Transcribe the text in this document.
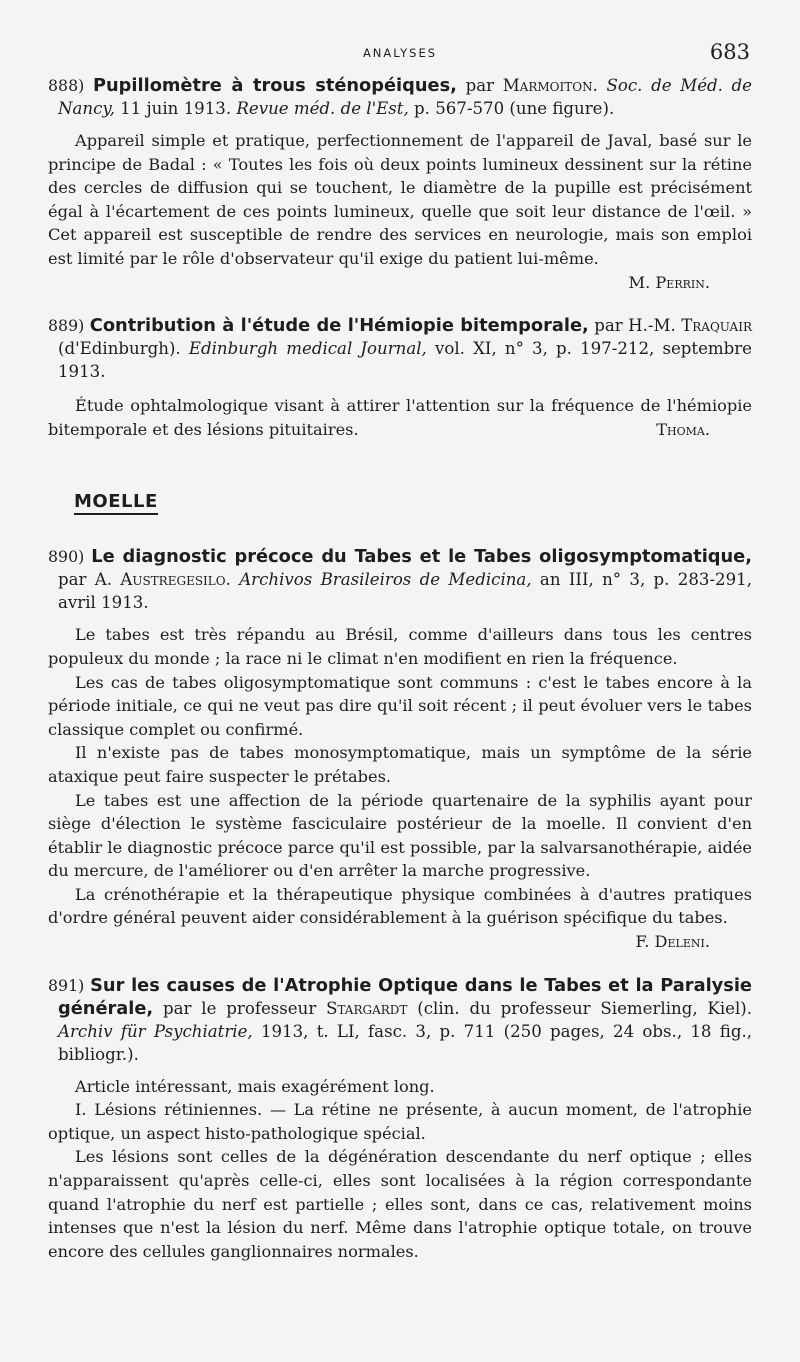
ANALYSES	683
888) Pupillomètre à trous sténopéiques, par Marmoiton. Soc. de Méd. de Nancy, 11 juin 1913. Revue méd. de l'Est, p. 567-570 (une figure).

Appareil simple et pratique, perfectionnement de l'appareil de Javal, basé sur le principe de Badal : « Toutes les fois où deux points lumineux dessinent sur la rétine des cercles de diffusion qui se touchent, le diamètre de la pupille est précisément égal à l'écartement de ces points lumineux, quelle que soit leur distance de l'œil. » Cet appareil est susceptible de rendre des services en neurologie, mais son emploi est limité par le rôle d'observateur qu'il exige du patient lui-même.
M. Perrin.

889) Contribution à l'étude de l'Hémiopie bitemporale, par H.-M. Traquair (d'Edinburgh). Edinburgh medical Journal, vol. XI, n° 3, p. 197-212, septembre 1913.

Étude ophtalmologique visant à attirer l'attention sur la fréquence de l'hémiopie bitemporale et des lésions pituitaires.	Thoma.

MOELLE
890) Le diagnostic précoce du Tabes et le Tabes oligosymptomatique, par A. Austregesilo. Archivos Brasileiros de Medicina, an III, n° 3, p. 283-291, avril 1913.

Le tabes est très répandu au Brésil, comme d'ailleurs dans tous les centres populeux du monde ; la race ni le climat n'en modifient en rien la fréquence.

Les cas de tabes oligosymptomatique sont communs : c'est le tabes encore à la période initiale, ce qui ne veut pas dire qu'il soit récent ; il peut évoluer vers le tabes classique complet ou confirmé.

Il n'existe pas de tabes monosymptomatique, mais un symptôme de la série ataxique peut faire suspecter le prétabes.

Le tabes est une affection de la période quartenaire de la syphilis ayant pour siège d'élection le système fasciculaire postérieur de la moelle. Il convient d'en établir le diagnostic précoce parce qu'il est possible, par la salvarsanothérapie, aidée du mercure, de l'améliorer ou d'en arrêter la marche progressive.

La crénothérapie et la thérapeutique physique combinées à d'autres pratiques d'ordre général peuvent aider considérablement à la guérison spécifique du tabes.
F. Deleni.

891) Sur les causes de l'Atrophie Optique dans le Tabes et la Paralysie générale, par le professeur Stargardt (clin. du professeur Siemerling, Kiel). Archiv für Psychiatrie, 1913, t. LI, fasc. 3, p. 711 (250 pages, 24 obs., 18 fig., bibliogr.).

Article intéressant, mais exagérément long.

I. Lésions rétiniennes. — La rétine ne présente, à aucun moment, de l'atrophie optique, un aspect histo-pathologique spécial.

Les lésions sont celles de la dégénération descendante du nerf optique ; elles n'apparaissent qu'après celle-ci, elles sont localisées à la région correspondante quand l'atrophie du nerf est partielle ; elles sont, dans ce cas, relativement moins intenses que n'est la lésion du nerf. Même dans l'atrophie optique totale, on trouve encore des cellules ganglionnaires normales.
